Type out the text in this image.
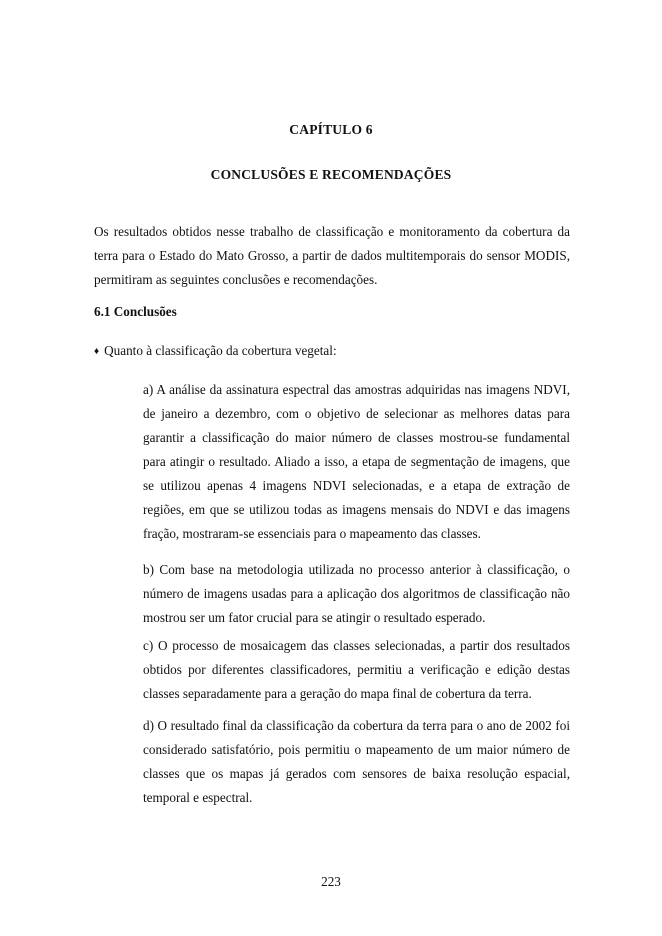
CAPÍTULO 6
CONCLUSÕES E RECOMENDAÇÕES

Os resultados obtidos nesse trabalho de classificação e monitoramento da cobertura da terra para o Estado do Mato Grosso, a partir de dados multitemporais do sensor MODIS, permitiram as seguintes conclusões e recomendações.

6.1 Conclusões
♦ Quanto à classificação da cobertura vegetal:

a) A análise da assinatura espectral das amostras adquiridas nas imagens NDVI, de janeiro a dezembro, com o objetivo de selecionar as melhores datas para garantir a classificação do maior número de classes mostrou-se fundamental para atingir o resultado. Aliado a isso, a etapa de segmentação de imagens, que se utilizou apenas 4 imagens NDVI selecionadas, e a etapa de extração de regiões, em que se utilizou todas as imagens mensais do NDVI e das imagens fração, mostraram-se essenciais para o mapeamento das classes.

b) Com base na metodologia utilizada no processo anterior à classificação, o número de imagens usadas para a aplicação dos algoritmos de classificação não mostrou ser um fator crucial para se atingir o resultado esperado.

c) O processo de mosaicagem das classes selecionadas, a partir dos resultados obtidos por diferentes classificadores, permitiu a verificação e edição destas classes separadamente para a geração do mapa final de cobertura da terra.

d) O resultado final da classificação da cobertura da terra para o ano de 2002 foi considerado satisfatório, pois permitiu o mapeamento de um maior número de classes que os mapas já gerados com sensores de baixa resolução espacial, temporal e espectral.

223
